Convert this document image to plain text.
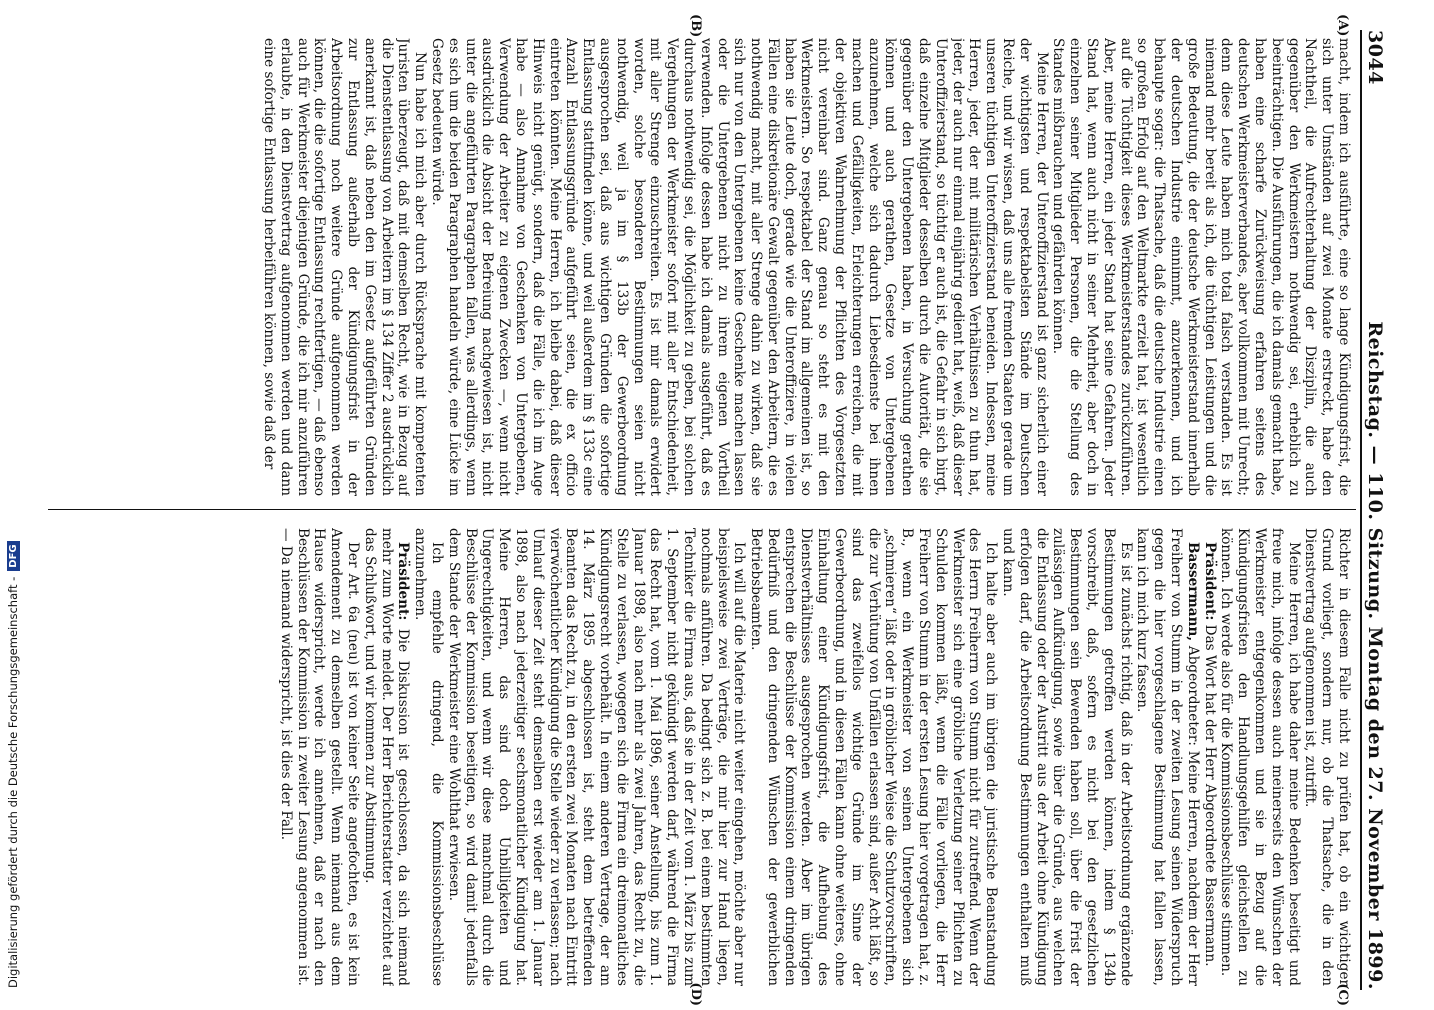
3044
Reichstag. — 110. Sitzung. Montag den 27. November 1899.
(A)
(B)
(C)
(D)

macht, indem ich ausführte, eine so lange Kündigungsfrist, die sich unter Umständen auf zwei Monate erstreckt, habe den Nachtheil, die Aufrechterhaltung der Disziplin, die auch gegenüber den Werkmeistern nothwendig sei, erheblich zu beeinträchtigen. Die Ausführungen, die ich damals gemacht habe, haben eine scharfe Zurückweisung erfahren seitens des deutschen Werkmeisterverbandes, aber vollkommen mit Unrecht; denn diese Leute haben mich total falsch verstanden. Es ist niemand mehr bereit als ich, die tüchtigen Leistungen und die große Bedeutung, die der deutsche Werkmeisterstand innerhalb der deutschen Industrie einnimmt, anzuerkennen, und ich behaupte sogar: die Thatsache, daß die deutsche Industrie einen so großen Erfolg auf den Weltmarkte erzielt hat, ist wesentlich auf die Tüchtigkeit dieses Werkmeisterstandes zurückzuführen. Aber, meine Herren, ein jeder Stand hat seine Gefahren. Jeder Stand hat, wenn auch nicht in seiner Mehrheit, aber doch in einzelnen seiner Mitglieder Personen, die die Stellung des Standes mißbrauchen und gefährden können.

Meine Herren, der Unteroffizierstand ist ganz sicherlich einer der wichtigsten und respektabelsten Stände im Deutschen Reiche, und wir wissen, daß uns alle fremden Staaten gerade um unseren tüchtigen Unteroffizierstand beneiden. Indessen, meine Herren, jeder, der mit militärischen Verhältnissen zu thun hat, jeder, der auch nur einmal einjährig gedient hat, weiß, daß dieser Unteroffizierstand, so tüchtig er auch ist, die Gefahr in sich birgt, daß einzelne Mitglieder desselben durch die Autorität, die sie gegenüber den Untergebenen haben, in Versuchung gerathen können und auch gerathen, Gesetze von Untergebenen anzunehmen, welche sich dadurch Liebesdienste bei ihnen machen und Gefälligkeiten, Erleichterungen erreichen, die mit der objektiven Wahrnehmung der Pflichten des Vorgesetzten nicht vereinbar sind. Ganz genau so steht es mit den Werkmeistern. So respektabel der Stand im allgemeinen ist, so haben sie Leute doch, gerade wie die Unteroffiziere, in vielen Fällen eine diskretionäre Gewalt gegenüber den Arbeitern, die es nothwendig macht, mit aller Strenge dahin zu wirken, daß sie sich nur von den Untergebenen keine Geschenke machen lassen oder die Untergebenen nicht zu ihrem eigenen Vortheil verwenden. Infolge dessen habe ich damals ausgeführt, daß es durchaus nothwendig sei, die Möglichkeit zu geben, bei solchen Vergehungen der Werkmeister sofort mit aller Entschiedenheit, mit aller Strenge einzuschreiten. Es ist mir damals erwidert worden, solche besonderen Bestimmungen seien nicht nothwendig, weil ja im § 133b der Gewerbeordnung ausgesprochen sei, daß aus wichtigen Gründen die sofortige Entlassung stattfinden könne, und weil außerdem im § 133c eine Anzahl Entlassungsgründe aufgeführt seien, die ex officio eintreten könnten. Meine Herren, ich bleibe dabei, daß dieser Hinweis nicht genügt, sondern, daß die Fälle, die ich im Auge habe — also Annahme von Geschenken von Untergebenen, Verwendung der Arbeiter zu eigenen Zwecken —, wenn nicht ausdrücklich die Absicht der Befreiung nachgewiesen ist, nicht unter die angeführten Paragraphen fallen, was allerdings, wenn es sich um die beiden Paragraphen handeln würde, eine Lücke im Gesetz bedeuten würde.

Nun habe ich mich aber durch Rücksprache mit kompetenten Juristen überzeugt, daß mit demselben Recht, wie in Bezug auf die Dienstentlassung von Arbeitern im § 134 Ziffer 2 ausdrücklich anerkannt ist, daß neben den im Gesetz aufgeführten Gründen zur Entlassung außerhalb der Kündigungsfrist in der Arbeitsordnung noch weitere Gründe aufgenommen werden können, die die sofortige Entlassung rechtfertigen, — daß ebenso auch für Werkmeister diejenigen Gründe, die ich mir anzuführen erlaubte, in den Dienstvertrag aufgenommen werden und dann eine sofortige Entlassung herbeiführen können, sowie daß der

Richter in diesem Falle nicht zu prüfen hat, ob ein wichtiger Grund vorliegt, sondern nur, ob die Thatsache, die in den Dienstvertrag aufgenommen ist, zutrifft.

Meine Herren, ich habe daher meine Bedenken beseitigt und freue mich, infolge dessen auch meinerseits den Wünschen der Werkmeister entgegenkommen und sie in Bezug auf die Kündigungsfristen den Handlungsgehilfen gleichstellen zu können. Ich werde also für die Kommissionsbeschlüsse stimmen.

Präsident: Das Wort hat der Herr Abgeordnete Bassermann.

Bassermann, Abgeordneter: Meine Herren, nachdem der Herr Freiherr von Stumm in der zweiten Lesung seinen Widerspruch gegen die hier vorgeschlagene Bestimmung hat fallen lassen, kann ich mich kurz fassen.

Es ist zunächst richtig, daß in der Arbeitsordnung ergänzende Bestimmungen getroffen werden können, indem § 134b vorschreibt, daß, sofern es nicht bei den gesetzlichen Bestimmungen sein Bewenden haben soll, über die Frist der zulässigen Aufkündigung, sowie über die Gründe, aus welchen die Entlassung oder der Austritt aus der Arbeit ohne Kündigung erfolgen darf, die Arbeitsordnung Bestimmungen enthalten muß und kann.

Ich halte aber auch im übrigen die juristische Beanstandung des Herrn Freiherrn von Stumm nicht für zutreffend. Wenn der Werkmeister sich eine gröbliche Verletzung seiner Pflichten zu Schulden kommen läßt, wenn die Fälle vorliegen, die Herr Freiherr von Stumm in der ersten Lesung hier vorgetragen hat, z. B., wenn ein Werkmeister von seinen Untergebenen sich „schmieren“ läßt oder in gröblicher Weise die Schutzvorschriften, die zur Verhütung von Unfällen erlassen sind, außer Acht läßt, so sind das zweifellos wichtige Gründe im Sinne der Gewerbeordnung, und in diesen Fällen kann ohne weiteres, ohne Einhaltung einer Kündigungsfrist, die Aufhebung des Dienstverhältnisses ausgesprochen werden. Aber im übrigen entsprechen die Beschlüsse der Kommission einem dringenden Bedürfniß und den dringenden Wünschen der gewerblichen Betriebsbeamten.

Ich will auf die Materie nicht weiter eingehen, möchte aber nur beispielsweise zwei Verträge, die mir hier zur Hand liegen, nochmals anführen. Da bedingt sich z. B. bei einem bestimmten Techniker die Firma aus, daß sie in der Zeit vom 1. März bis zum 1. September nicht gekündigt werden darf, während die Firma das Recht hat, vom 1. Mai 1896, seiner Anstellung, bis zum 1. Januar 1898, also nach mehr als zwei Jahren, das Recht zu, die Stelle zu verlassen, wogegen sich die Firma ein dreimonatliches Kündigungsrecht vorbehält. In einem anderen Vertrage, der am 14. März 1895 abgeschlossen ist, steht dem betreffenden Beamten das Recht zu, in den ersten zwei Monaten nach Eintritt vierwöchentlicher Kündigung die Stelle wieder zu verlassen; nach Umlauf dieser Zeit steht demselben erst wieder am 1. Januar 1898, also nach jederzeitiger sechsmonatlicher Kündigung hat. Meine Herren, das sind doch Unbilligkeiten und Ungerechtigkeiten, und wenn wir diese manchmal durch die Beschlüsse der Kommission beseitigen, so wird damit jedenfalls dem Stande der Werkmeister eine Wohlthat erwiesen.

Ich empfehle dringend, die Kommissionsbeschlüsse anzunehmen.

Präsident: Die Diskussion ist geschlossen, da sich niemand mehr zum Worte meldet. Der Herr Berichterstatter verzichtet auf das Schlußwort, und wir kommen zur Abstimmung.

Der Art. 6a (neu) ist von keiner Seite angefochten, es ist kein Amendement zu demselben gestellt. Wenn niemand aus dem Hause widerspricht, werde ich annehmen, daß er nach den Beschlüssen der Kommission in zweiter Lesung angenommen ist. — Da niemand widerspricht, ist dies der Fall.

Digitalisierung gefördert durch die Deutsche Forschungsgemeinschaft -
DFG
